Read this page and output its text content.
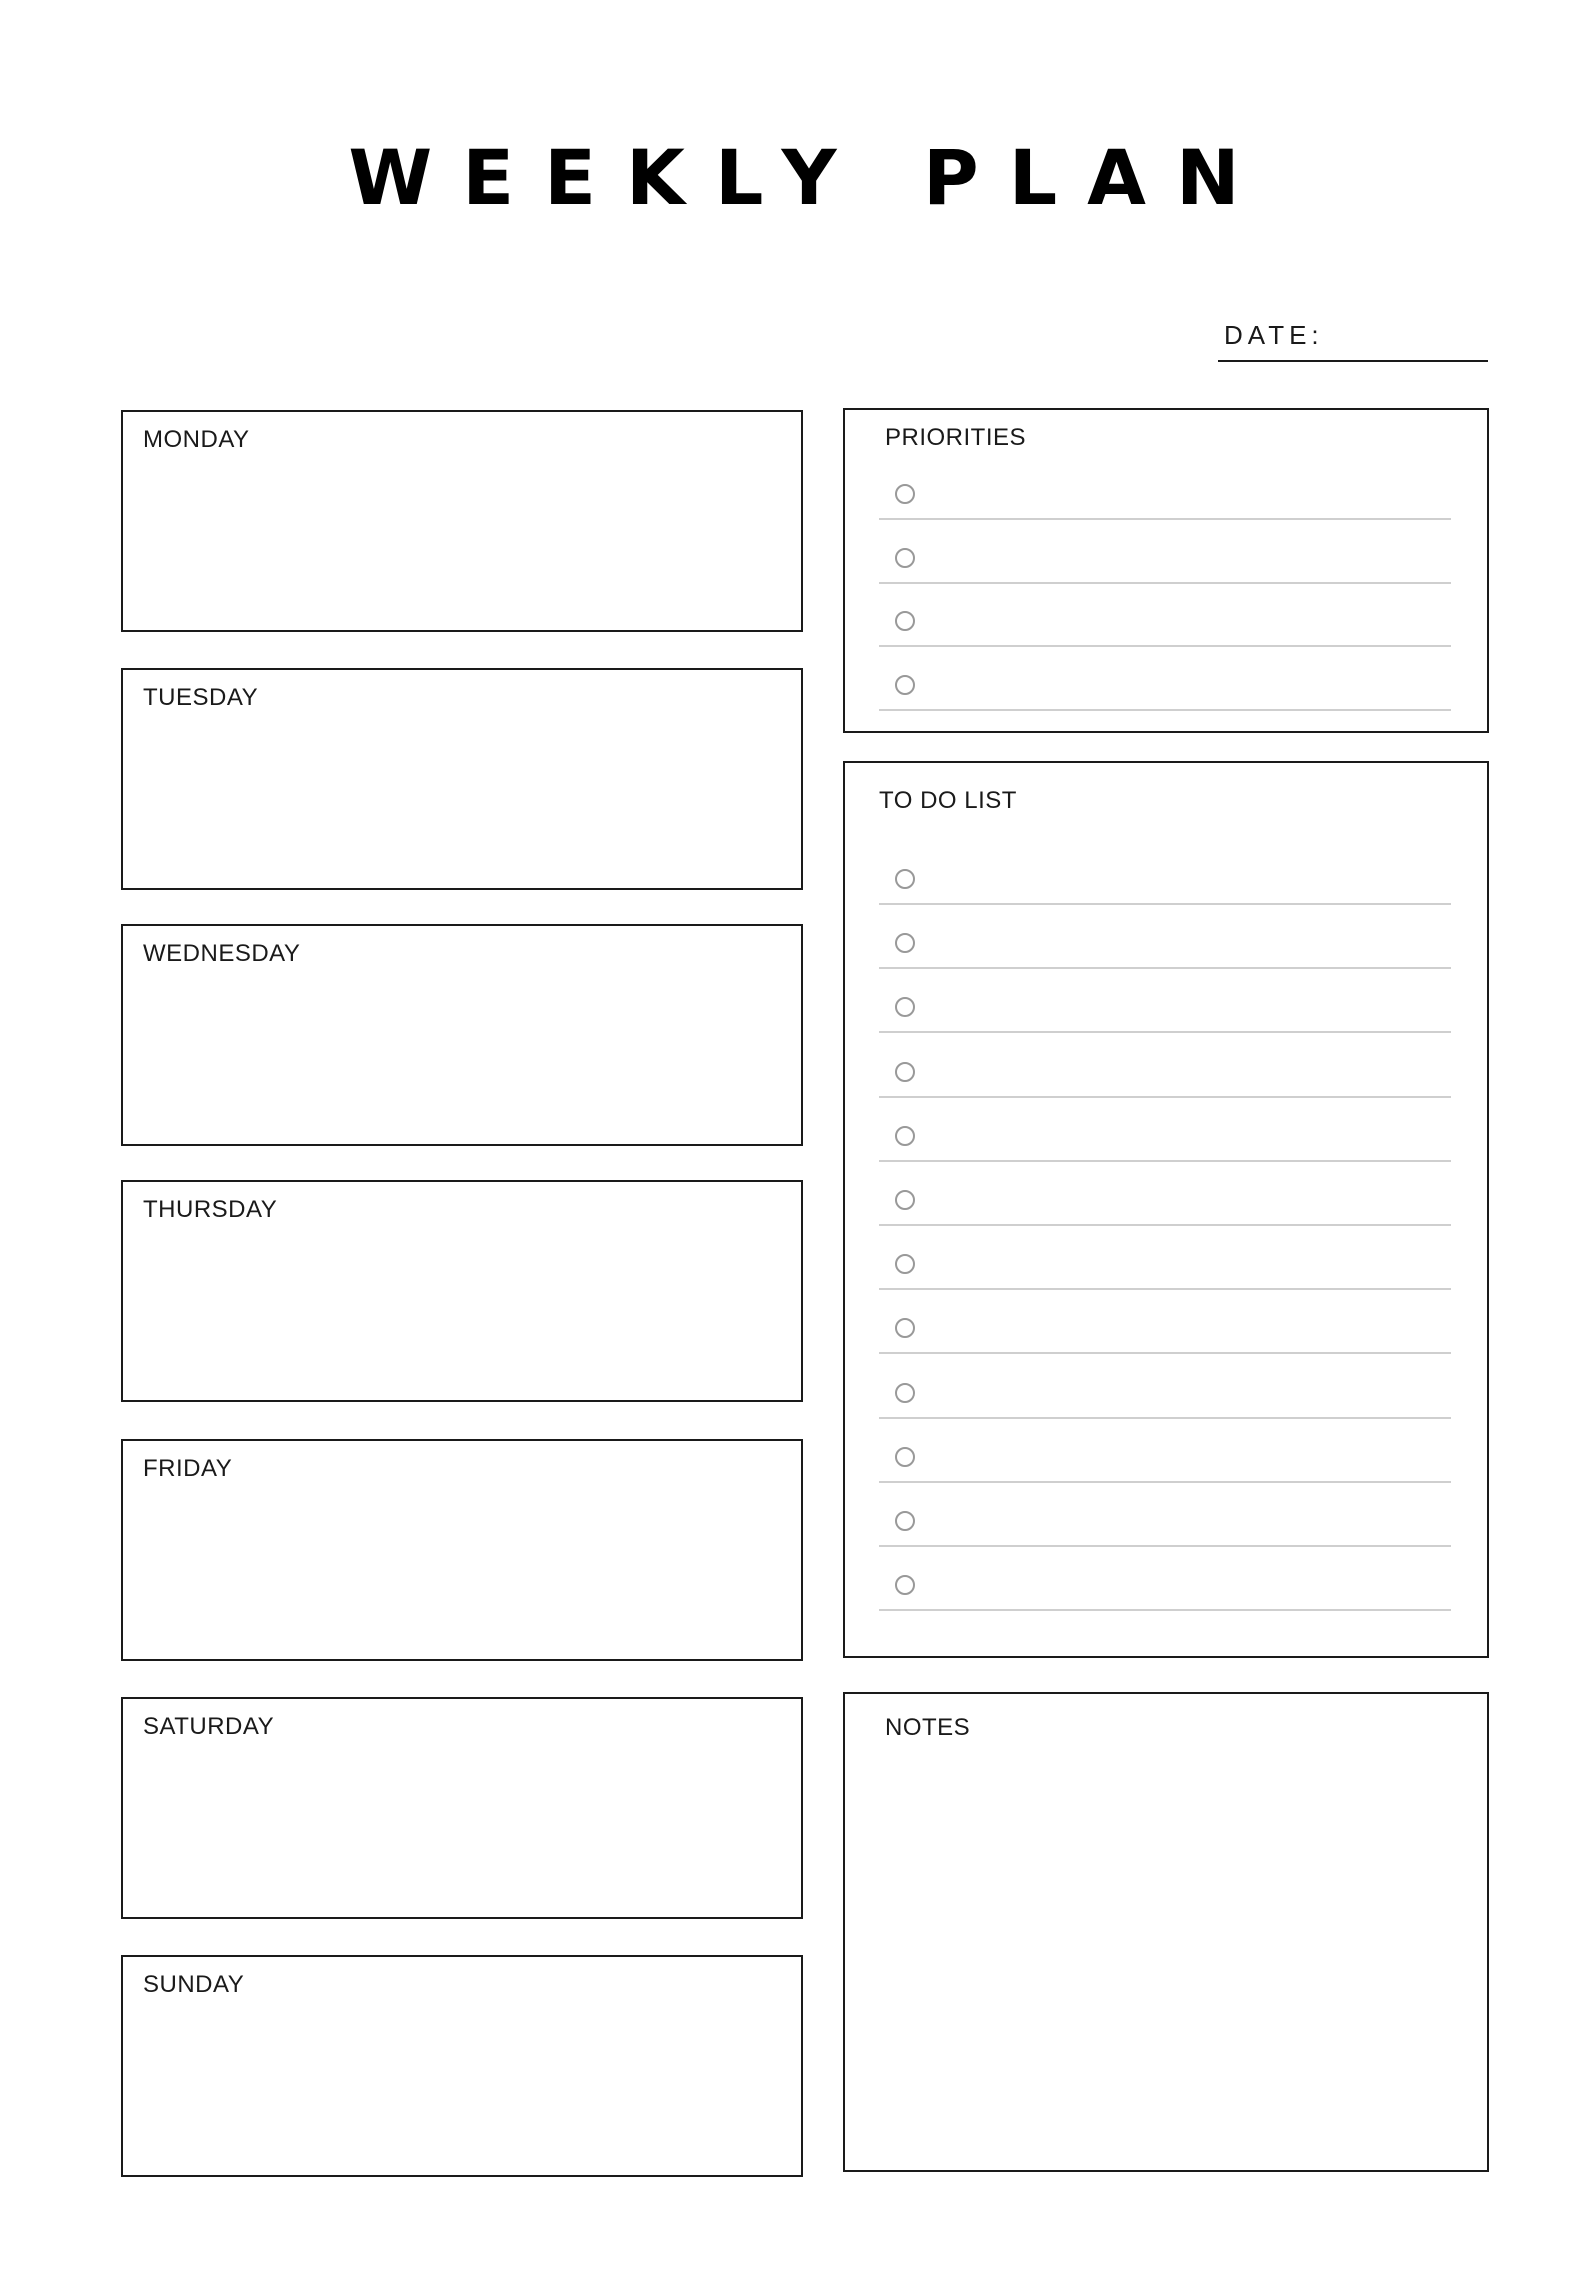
WEEKLY PLAN
DATE:
MONDAY
TUESDAY
WEDNESDAY
THURSDAY
FRIDAY
SATURDAY
SUNDAY
PRIORITIES
TO DO LIST
NOTES
